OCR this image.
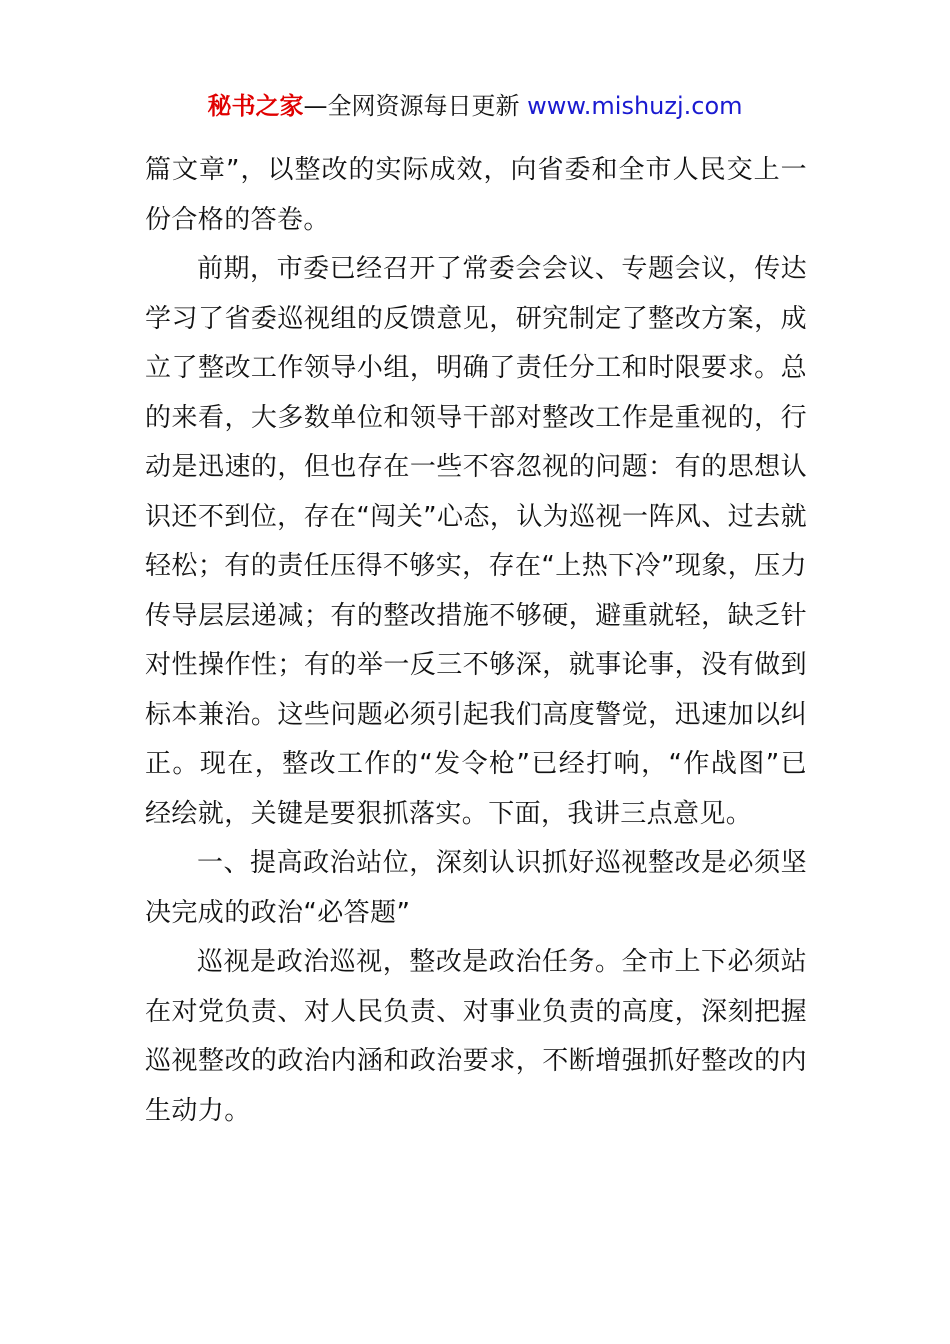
秘书之家—全网资源每日更新 www.mishuzj.com

篇文章”，以整改的实际成效，向省委和全市人民交上一份合格的答卷。

前期，市委已经召开了常委会会议、专题会议，传达学习了省委巡视组的反馈意见，研究制定了整改方案，成立了整改工作领导小组，明确了责任分工和时限要求。总的来看，大多数单位和领导干部对整改工作是重视的，行动是迅速的，但也存在一些不容忽视的问题：有的思想认识还不到位，存在“闯关”心态，认为巡视一阵风、过去就轻松；有的责任压得不够实，存在“上热下冷”现象，压力传导层层递减；有的整改措施不够硬，避重就轻，缺乏针对性操作性；有的举一反三不够深，就事论事，没有做到标本兼治。这些问题必须引起我们高度警觉，迅速加以纠正。现在，整改工作的“发令枪”已经打响，“作战图”已经绘就，关键是要狠抓落实。下面，我讲三点意见。

一、提高政治站位，深刻认识抓好巡视整改是必须坚决完成的政治“必答题”

巡视是政治巡视，整改是政治任务。全市上下必须站在对党负责、对人民负责、对事业负责的高度，深刻把握巡视整改的政治内涵和政治要求，不断增强抓好整改的内生动力。
